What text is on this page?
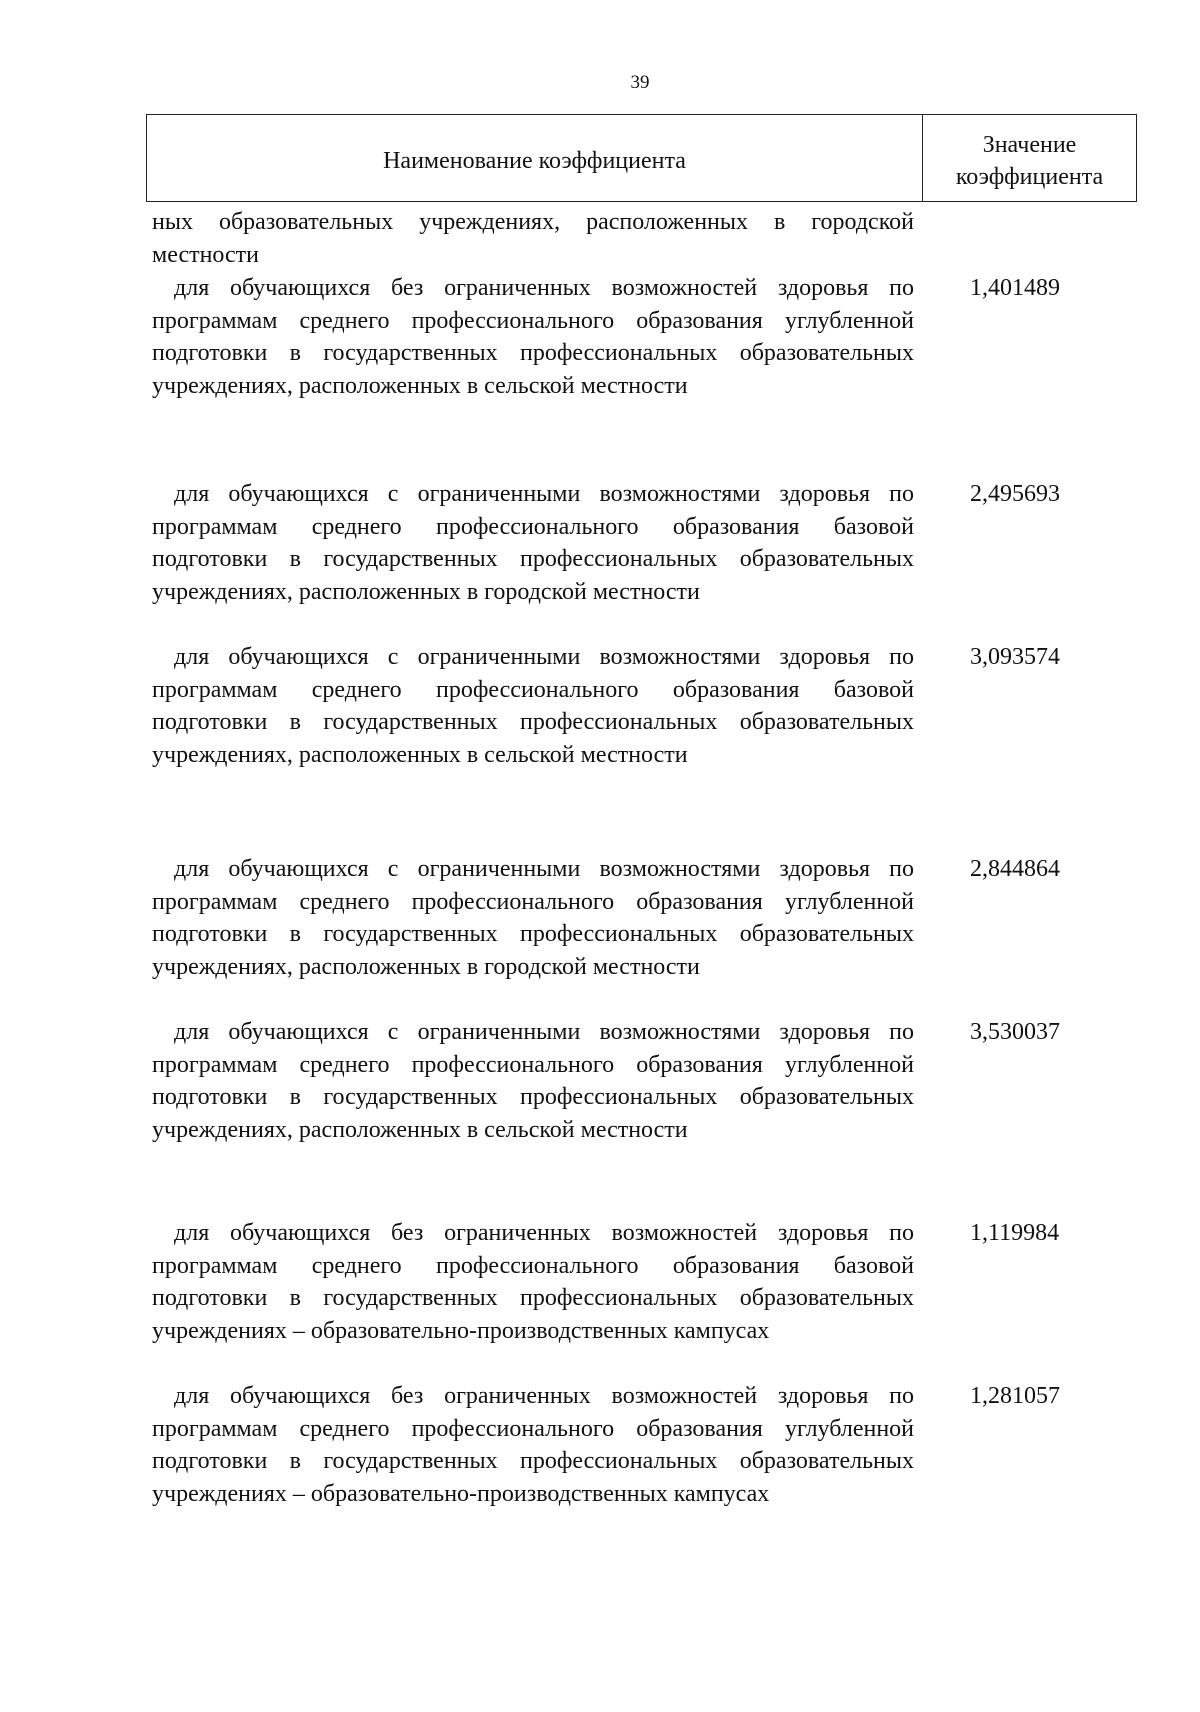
39
Наименование коэффициента
Значение
коэффициента
ных образовательных учреждениях, расположенных в городской местности

для обучающихся без ограниченных возможностей здоровья по программам среднего профессионального образования углубленной подготовки в государственных профессиональных образовательных учреждениях, расположенных в сельской местности

1,401489

для обучающихся с ограниченными возможностями здоровья по программам среднего профессионального образования базовой подготовки в государственных профессиональных образовательных учреждениях, расположенных в городской местности

2,495693

для обучающихся с ограниченными возможностями здоровья по программам среднего профессионального образования базовой подготовки в государственных профессиональных образовательных учреждениях, расположенных в сельской местности

3,093574

для обучающихся с ограниченными возможностями здоровья по программам среднего профессионального образования углубленной подготовки в государственных профессиональных образовательных учреждениях, расположенных в городской местности

2,844864

для обучающихся с ограниченными возможностями здоровья по программам среднего профессионального образования углубленной подготовки в государственных профессиональных образовательных учреждениях, расположенных в сельской местности

3,530037

для обучающихся без ограниченных возможностей здоровья по программам среднего профессионального образования базовой подготовки в государственных профессиональных образовательных учреждениях – образовательно-производственных кампусах

1,119984

для обучающихся без ограниченных возможностей здоровья по программам среднего профессионального образования углубленной подготовки в государственных профессиональных образовательных учреждениях – образовательно-производственных кампусах

1,281057
